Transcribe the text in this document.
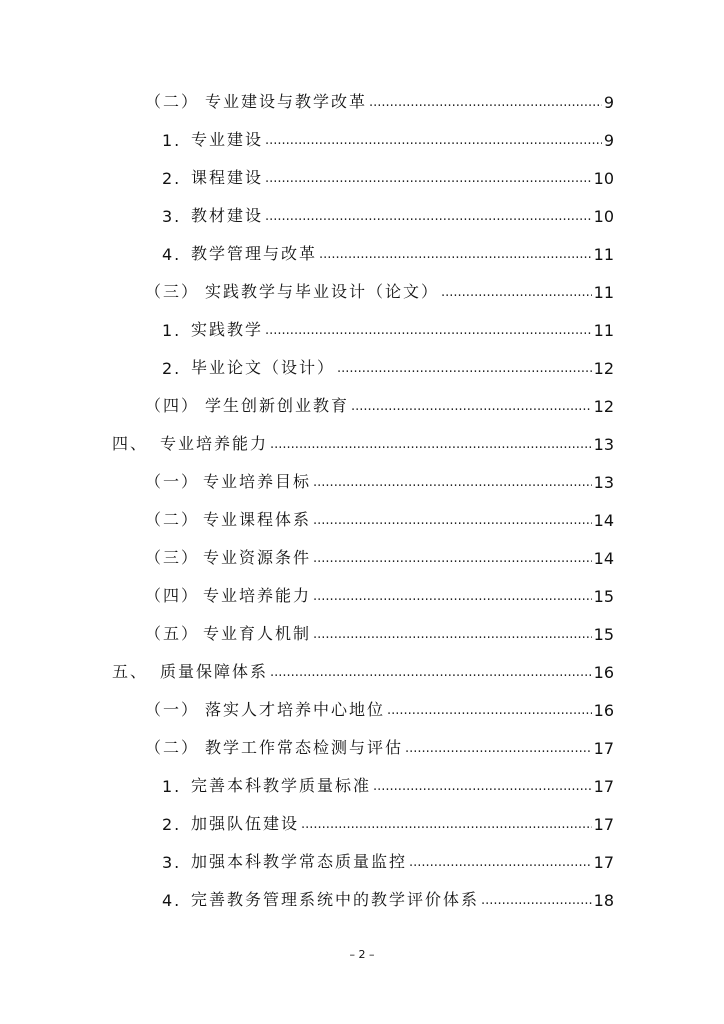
（二） 专业建设与教学改革 .....	9
1. 专业建设 .....	9
2. 课程建设 .....	10
3. 教材建设 .....	10
4. 教学管理与改革 .....	11
（三） 实践教学与毕业设计（论文） .....	11
1. 实践教学 .....	11
2. 毕业论文（设计） .....	12
（四） 学生创新创业教育 .....	12
四、 专业培养能力 .....	13
（一） 专业培养目标 .....	13
（二） 专业课程体系 .....	14
（三） 专业资源条件 .....	14
（四） 专业培养能力 .....	15
（五） 专业育人机制 .....	15
五、 质量保障体系 .....	16
（一） 落实人才培养中心地位 .....	16
（二） 教学工作常态检测与评估 .....	17
1. 完善本科教学质量标准 .....	17
2. 加强队伍建设 .....	17
3. 加强本科教学常态质量监控 .....	17
4. 完善教务管理系统中的教学评价体系 .....	18
– 2 –
